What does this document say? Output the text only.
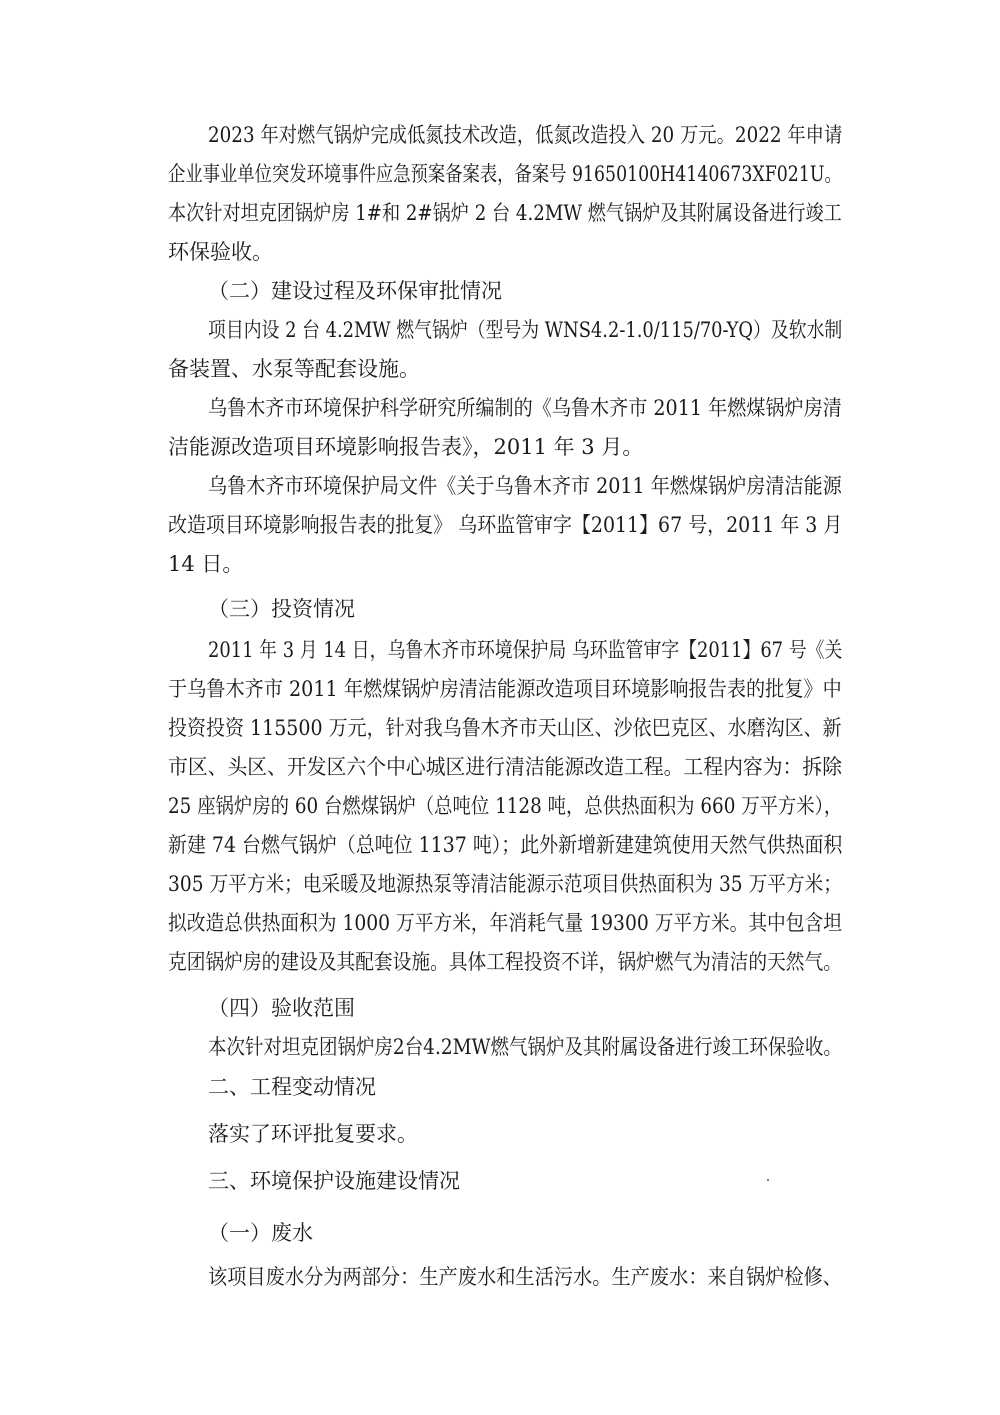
2023 年对燃气锅炉完成低氮技术改造，低氮改造投入 20 万元。2022 年申请
企业事业单位突发环境事件应急预案备案表，备案号 91650100H4140673XF021U。
本次针对坦克团锅炉房 1#和 2#锅炉 2 台 4.2MW 燃气锅炉及其附属设备进行竣工
环保验收。
（二）建设过程及环保审批情况
项目内设 2 台 4.2MW 燃气锅炉（型号为 WNS4.2-1.0/115/70-YQ）及软水制
备装置、水泵等配套设施。
乌鲁木齐市环境保护科学研究所编制的《乌鲁木齐市 2011 年燃煤锅炉房清
洁能源改造项目环境影响报告表》，2011 年 3 月。
乌鲁木齐市环境保护局文件《关于乌鲁木齐市 2011 年燃煤锅炉房清洁能源
改造项目环境影响报告表的批复》 乌环监管审字【2011】67 号，2011 年 3 月
14 日。
（三）投资情况
2011 年 3 月 14 日，乌鲁木齐市环境保护局 乌环监管审字【2011】67 号《关
于乌鲁木齐市 2011 年燃煤锅炉房清洁能源改造项目环境影响报告表的批复》中
投资投资 115500 万元，针对我乌鲁木齐市天山区、沙依巴克区、水磨沟区、新
市区、头区、开发区六个中心城区进行清洁能源改造工程。工程内容为：拆除
25 座锅炉房的 60 台燃煤锅炉（总吨位 1128 吨，总供热面积为 660 万平方米），
新建 74 台燃气锅炉（总吨位 1137 吨）；此外新增新建建筑使用天然气供热面积
305 万平方米；电采暖及地源热泵等清洁能源示范项目供热面积为 35 万平方米；
拟改造总供热面积为 1000 万平方米，年消耗气量 19300 万平方米。其中包含坦
克团锅炉房的建设及其配套设施。具体工程投资不详，锅炉燃气为清洁的天然气。
（四）验收范围
本次针对坦克团锅炉房2台4.2MW燃气锅炉及其附属设备进行竣工环保验收。
二、工程变动情况
落实了环评批复要求。
三、环境保护设施建设情况
（一）废水
该项目废水分为两部分：生产废水和生活污水。生产废水：来自锅炉检修、
